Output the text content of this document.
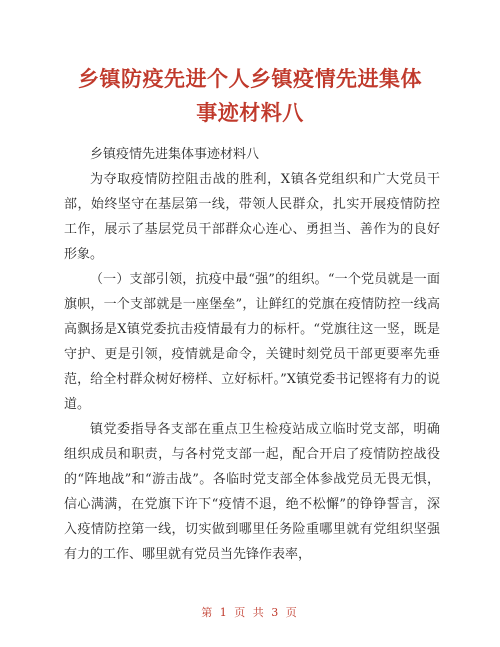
乡镇防疫先进个人乡镇疫情先进集体事迹材料八

乡镇疫情先进集体事迹材料八

为夺取疫情防控阻击战的胜利，X镇各党组织和广大党员干部，始终坚守在基层第一线，带领人民群众，扎实开展疫情防控工作，展示了基层党员干部群众心连心、勇担当、善作为的良好形象。

（一）支部引领，抗疫中最“强”的组织。“一个党员就是一面旗帜，一个支部就是一座堡垒”，让鲜红的党旗在疫情防控一线高高飘扬是X镇党委抗击疫情最有力的标杆。“党旗往这一竖，既是守护、更是引领，疫情就是命令，关键时刻党员干部更要率先垂范，给全村群众树好榜样、立好标杆。”X镇党委书记铿将有力的说道。

镇党委指导各支部在重点卫生检疫站成立临时党支部，明确组织成员和职责，与各村党支部一起，配合开启了疫情防控战役的“阵地战”和“游击战”。各临时党支部全体参战党员无畏无惧，信心满满，在党旗下许下“疫情不退，绝不松懈”的铮铮誓言，深入疫情防控第一线，切实做到哪里任务险重哪里就有党组织坚强有力的工作、哪里就有党员当先锋作表率，

第 1 页 共 3 页
